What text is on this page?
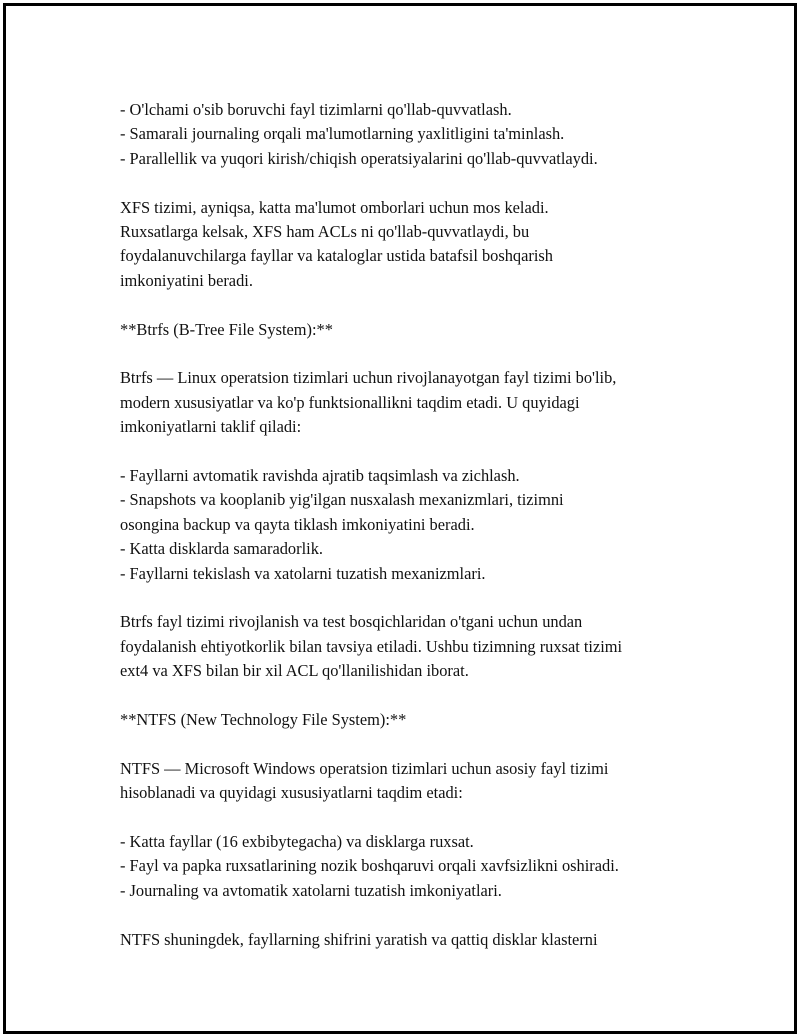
- O'lchami o'sib boruvchi fayl tizimlarni qo'llab-quvvatlash.
- Samarali journaling orqali ma'lumotlarning yaxlitligini ta'minlash.
- Parallellik va yuqori kirish/chiqish operatsiyalarini qo'llab-quvvatlaydi.
XFS tizimi, ayniqsa, katta ma'lumot omborlari uchun mos keladi.
Ruxsatlarga kelsak, XFS ham ACLs ni qo'llab-quvvatlaydi, bu
foydalanuvchilarga fayllar va kataloglar ustida batafsil boshqarish
imkoniyatini beradi.
**Btrfs (B-Tree File System):**
Btrfs — Linux operatsion tizimlari uchun rivojlanayotgan fayl tizimi bo'lib,
modern xususiyatlar va ko'p funktsionallikni taqdim etadi. U quyidagi
imkoniyatlarni taklif qiladi:
- Fayllarni avtomatik ravishda ajratib taqsimlash va zichlash.
- Snapshots va kooplanib yig'ilgan nusxalash mexanizmlari, tizimni
osongina backup va qayta tiklash imkoniyatini beradi.
- Katta disklarda samaradorlik.
- Fayllarni tekislash va xatolarni tuzatish mexanizmlari.
Btrfs fayl tizimi rivojlanish va test bosqichlaridan o'tgani uchun undan
foydalanish ehtiyotkorlik bilan tavsiya etiladi. Ushbu tizimning ruxsat tizimi
ext4 va XFS bilan bir xil ACL qo'llanilishidan iborat.
**NTFS (New Technology File System):**
NTFS — Microsoft Windows operatsion tizimlari uchun asosiy fayl tizimi
hisoblanadi va quyidagi xususiyatlarni taqdim etadi:
- Katta fayllar (16 exbibytegacha) va disklarga ruxsat.
- Fayl va papka ruxsatlarining nozik boshqaruvi orqali xavfsizlikni oshiradi.
- Journaling va avtomatik xatolarni tuzatish imkoniyatlari.
NTFS shuningdek, fayllarning shifrini yaratish va qattiq disklar klasterni
